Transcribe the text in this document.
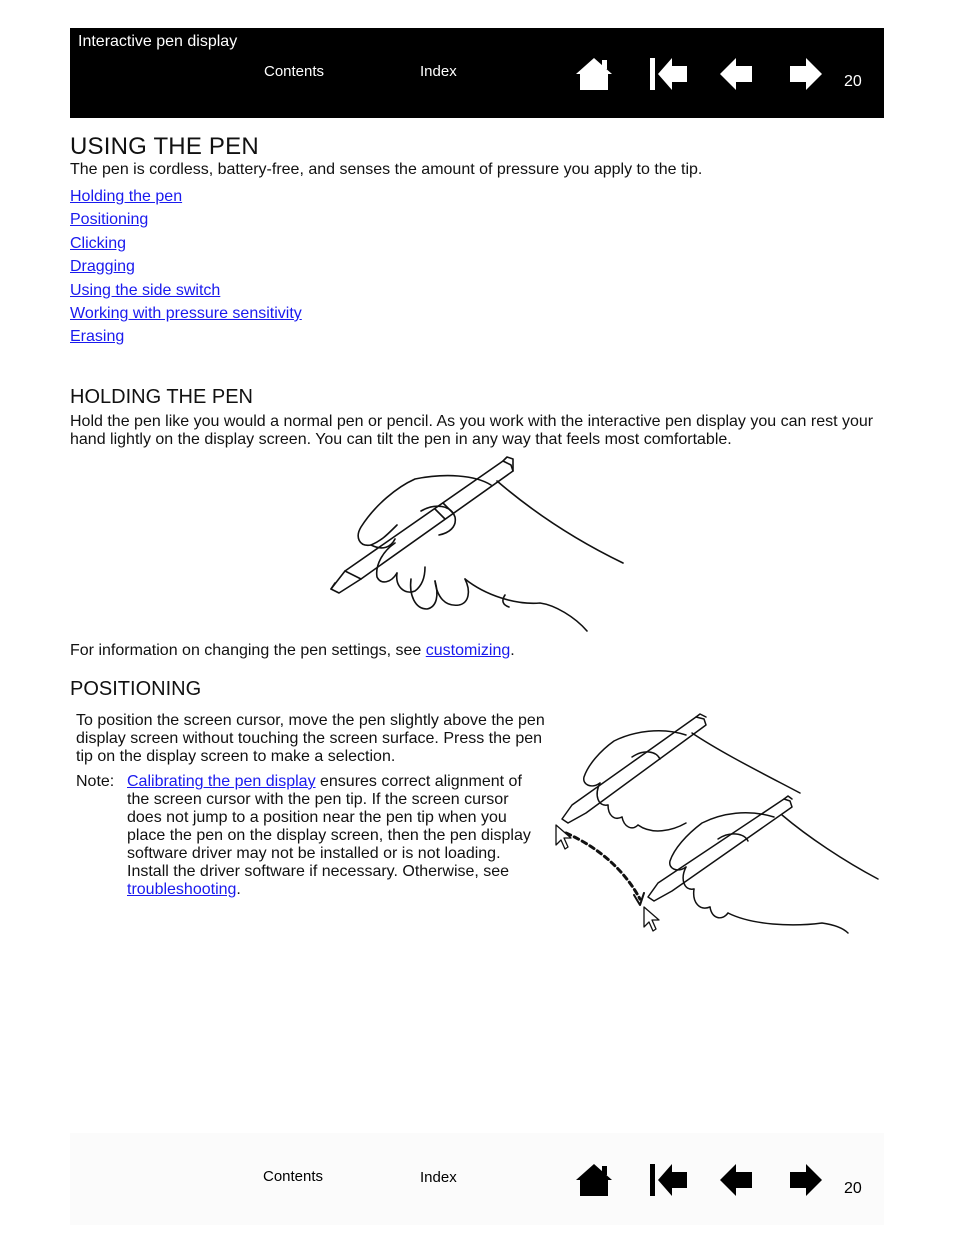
Interactive pen display
Contents	Index
20
USING THE PEN

The pen is cordless, battery-free, and senses the amount of pressure you apply to the tip.

Holding the pen
Positioning
Clicking
Dragging
Using the side switch
Working with pressure sensitivity
Erasing
HOLDING THE PEN

Hold the pen like you would a normal pen or pencil. As you work with the interactive pen display you can rest your hand lightly on the display screen. You can tilt the pen in any way that feels most comfortable.

For information on changing the pen settings, see customizing.

POSITIONING

To position the screen cursor, move the pen slightly above the pen display screen without touching the screen surface. Press the pen tip on the display screen to make a selection.

Note: Calibrating the pen display ensures correct alignment of the screen cursor with the pen tip. If the screen cursor does not jump to a position near the pen tip when you place the pen on the display screen, then the pen display software driver may not be installed or is not loading. Install the driver software if necessary. Otherwise, see troubleshooting.

Contents	Index
20
